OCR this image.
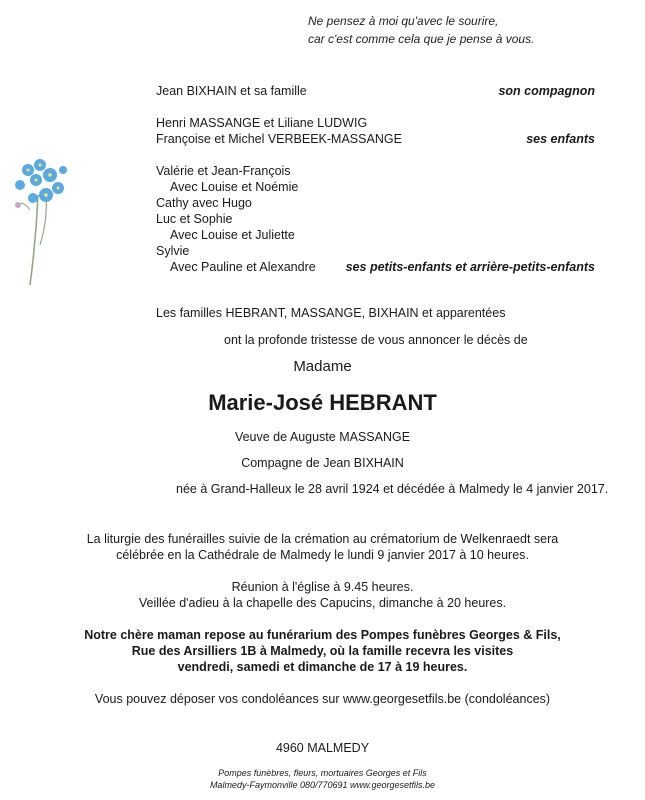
Ne pensez à moi qu'avec le sourire,
car c'est comme cela que je pense à vous.
Jean BIXHAIN et sa famille	son compagnon
Henri MASSANGE et Liliane LUDWIG
Françoise et Michel VERBEEK-MASSANGE	ses enfants
Valérie et Jean-François
Avec Louise et Noémie
Cathy avec Hugo
Luc et Sophie
Avec Louise et Juliette
Sylvie
Avec Pauline et Alexandre ses petits-enfants et arrière-petits-enfants
Les familles HEBRANT, MASSANGE, BIXHAIN et apparentées
ont la profonde tristesse de vous annoncer le décès de
Madame
Marie-José HEBRANT
Veuve de Auguste MASSANGE
Compagne de Jean BIXHAIN
née à Grand-Halleux le 28 avril 1924 et décédée à Malmedy le 4 janvier 2017.
La liturgie des funérailles suivie de la crémation au crématorium de Welkenraedt sera
célébrée en la Cathédrale de Malmedy le lundi 9 janvier 2017 à 10 heures.
Réunion à l'église à 9.45 heures.
Veillée d'adieu à la chapelle des Capucins, dimanche à 20 heures.
Notre chère maman repose au funérarium des Pompes funèbres Georges & Fils,
Rue des Arsilliers 1B à Malmedy, où la famille recevra les visites
vendredi, samedi et dimanche de 17 à 19 heures.
Vous pouvez déposer vos condoléances sur www.georgesetfils.be (condoléances)
4960 MALMEDY
Pompes funèbres, fleurs, mortuaires Georges et Fils
Malmedy-Faymonville 080/770691 www.georgesetfils.be
